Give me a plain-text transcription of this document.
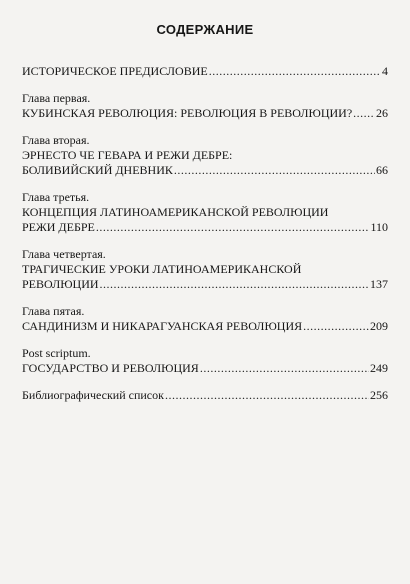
СОДЕРЖАНИЕ
ИСТОРИЧЕСКОЕ ПРЕДИСЛОВИЕ .....	4
Глава первая.
КУБИНСКАЯ РЕВОЛЮЦИЯ: РЕВОЛЮЦИЯ В РЕВОЛЮЦИИ? ..... 26
Глава вторая.
ЭРНЕСТО ЧЕ ГЕВАРА И РЕЖИ ДЕБРЕ:
БОЛИВИЙСКИЙ ДНЕВНИК .....	66
Глава третья.
КОНЦЕПЦИЯ ЛАТИНОАМЕРИКАНСКОЙ РЕВОЛЮЦИИ
РЕЖИ ДЕБРЕ .....	110
Глава четвертая.
ТРАГИЧЕСКИЕ УРОКИ ЛАТИНОАМЕРИКАНСКОЙ
РЕВОЛЮЦИИ .....	137
Глава пятая.
САНДИНИЗМ И НИКАРАГУАНСКАЯ РЕВОЛЮЦИЯ .....	209
Post scriptum.
ГОСУДАРСТВО И РЕВОЛЮЦИЯ .....	249
Библиографический список .....	256
